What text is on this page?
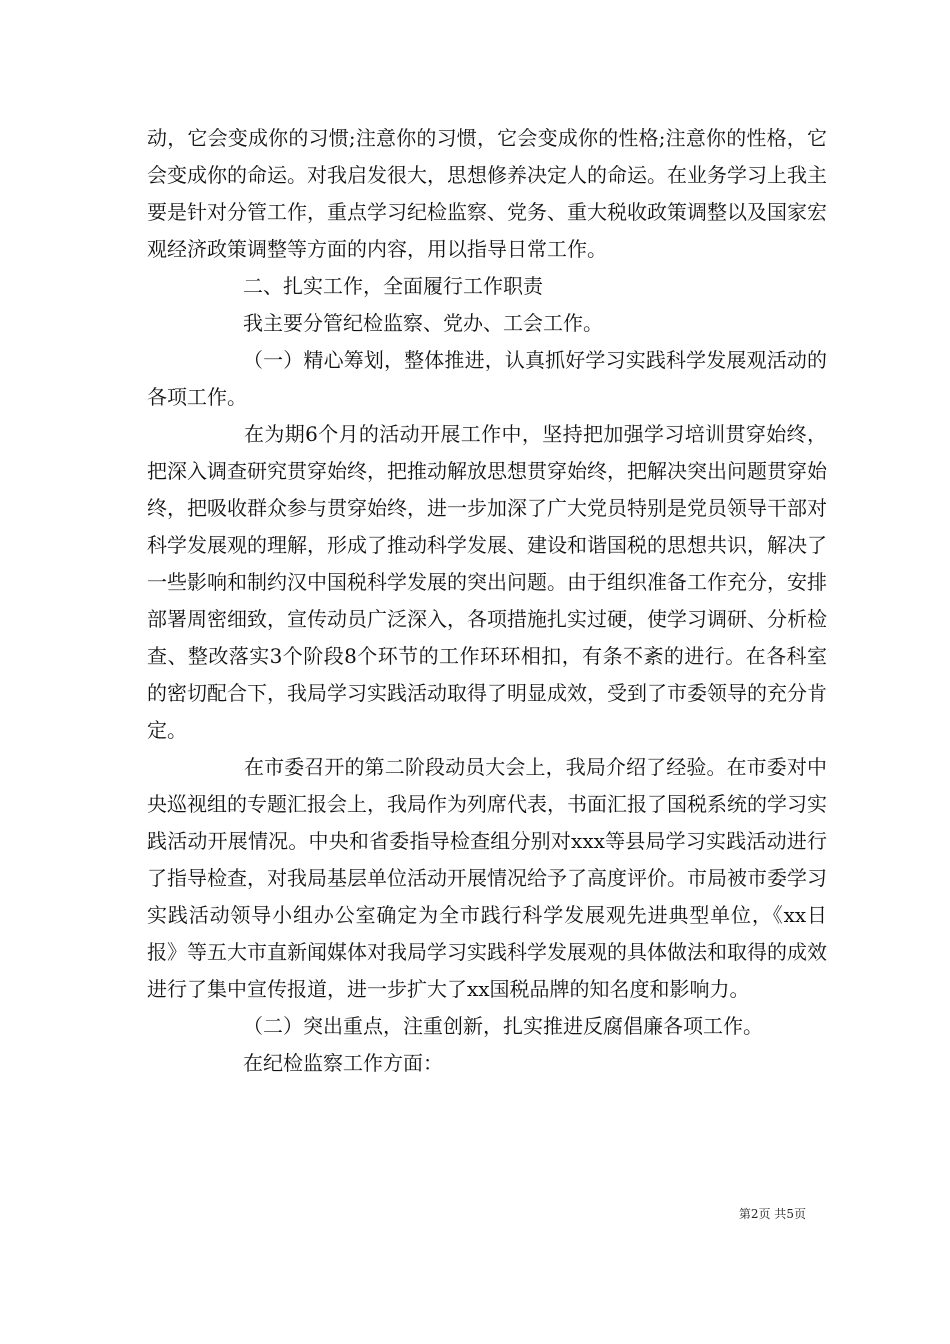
动，它会变成你的习惯;注意你的习惯，它会变成你的性格;注意你的性格，它会变成你的命运。对我启发很大，思想修养决定人的命运。在业务学习上我主要是针对分管工作，重点学习纪检监察、党务、重大税收政策调整以及国家宏观经济政策调整等方面的内容，用以指导日常工作。

二、扎实工作，全面履行工作职责

我主要分管纪检监察、党办、工会工作。

（一）精心筹划，整体推进，认真抓好学习实践科学发展观活动的各项工作。

在为期6个月的活动开展工作中，坚持把加强学习培训贯穿始终，把深入调查研究贯穿始终，把推动解放思想贯穿始终，把解决突出问题贯穿始终，把吸收群众参与贯穿始终，进一步加深了广大党员特别是党员领导干部对科学发展观的理解，形成了推动科学发展、建设和谐国税的思想共识，解决了一些影响和制约汉中国税科学发展的突出问题。由于组织准备工作充分，安排部署周密细致，宣传动员广泛深入，各项措施扎实过硬，使学习调研、分析检查、整改落实3个阶段8个环节的工作环环相扣，有条不紊的进行。在各科室的密切配合下，我局学习实践活动取得了明显成效，受到了市委领导的充分肯定。

在市委召开的第二阶段动员大会上，我局介绍了经验。在市委对中央巡视组的专题汇报会上，我局作为列席代表，书面汇报了国税系统的学习实践活动开展情况。中央和省委指导检查组分别对xxx等县局学习实践活动进行了指导检查，对我局基层单位活动开展情况给予了高度评价。市局被市委学习实践活动领导小组办公室确定为全市践行科学发展观先进典型单位，《xx日报》等五大市直新闻媒体对我局学习实践科学发展观的具体做法和取得的成效进行了集中宣传报道，进一步扩大了xx国税品牌的知名度和影响力。

（二）突出重点，注重创新，扎实推进反腐倡廉各项工作。

在纪检监察工作方面：

第2页 共5页
